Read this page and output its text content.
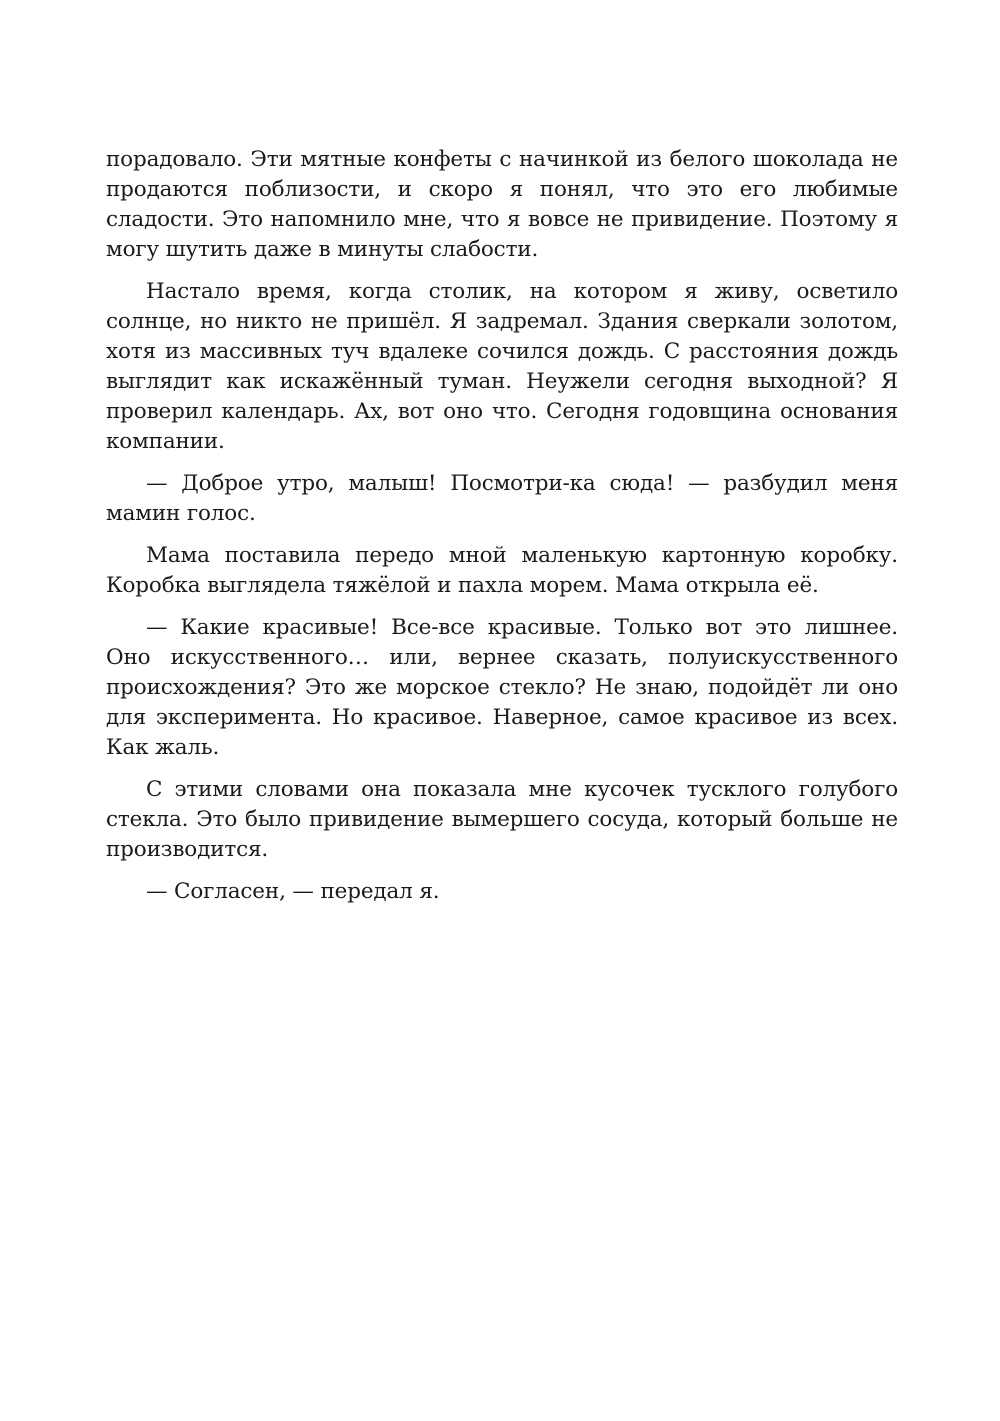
порадовало. Эти мятные конфеты с начинкой из белого шоколада не продаются поблизости, и скоро я понял, что это его любимые сладости. Это напомнило мне, что я вовсе не привидение. Поэтому я могу шутить даже в минуты слабости.

Настало время, когда столик, на котором я живу, осветило солнце, но никто не пришёл. Я задремал. Здания сверкали золотом, хотя из массивных туч вдалеке сочился дождь. С расстояния дождь выглядит как искажённый туман. Неужели сегодня выходной? Я проверил календарь. Ах, вот оно что. Сегодня годовщина основания компании.

— Доброе утро, малыш! Посмотри-ка сюда! — разбудил меня мамин голос.

Мама поставила передо мной маленькую картонную коробку. Коробка выглядела тяжёлой и пахла морем. Мама открыла её.

— Какие красивые! Все-все красивые. Только вот это лишнее. Оно искусственного… или, вернее сказать, полуискусственного происхождения? Это же морское стекло? Не знаю, подойдёт ли оно для эксперимента. Но красивое. Наверное, самое красивое из всех. Как жаль.

С этими словами она показала мне кусочек тусклого голубого стекла. Это было привидение вымершего сосуда, который больше не производится.

— Согласен, — передал я.
